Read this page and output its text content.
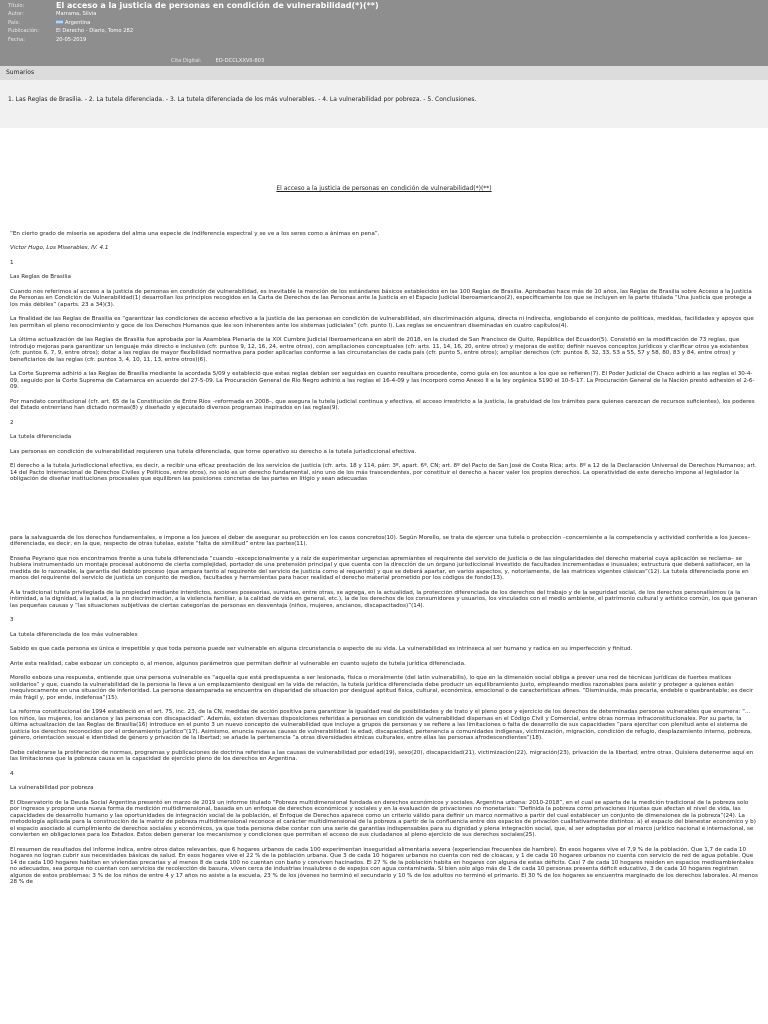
Título:	El acceso a la justicia de personas en condición de vulnerabilidad(*)(**)
Autor:	Marrama, Silvia
País:	Argentina
Publicación:	El Derecho - Diario, Tomo 282
Fecha:	20-05-2019
Cita Digital:	ED-DCCLXXVII-803
Sumarios
1. Las Reglas de Brasilia. - 2. La tutela diferenciada. - 3. La tutela diferenciada de los más vulnerables. - 4. La vulnerabilidad por pobreza. - 5. Conclusiones.
El acceso a la justicia de personas en condición de vulnerabilidad(*)(**)

“En cierto grado de miseria se apodera del alma una especie de indiferencia espectral y se ve a los seres como a ánimas en pena”.

Victor Hugo, Los Miserables, IV. 4.1

1

Las Reglas de Brasilia

Cuando nos referimos al acceso a la justicia de personas en condición de vulnerabilidad, es inevitable la mención de los estándares básicos establecidos en las 100 Reglas de Brasilia. Aprobadas hace más de 10 años, las Reglas de Brasilia sobre Acceso a la Justicia de Personas en Condición de Vulnerabilidad(1) desarrollan los principios recogidos en la Carta de Derechos de las Personas ante la Justicia en el Espacio Judicial Iberoamericano(2), específicamente los que se incluyen en la parte titulada “Una justicia que protege a los más débiles” (aparts. 23 a 34)(3).

La finalidad de las Reglas de Brasilia es “garantizar las condiciones de acceso efectivo a la justicia de las personas en condición de vulnerabilidad, sin discriminación alguna, directa ni indirecta, englobando el conjunto de políticas, medidas, facilidades y apoyos que les permitan el pleno reconocimiento y goce de los Derechos Humanos que les son inherentes ante los sistemas judiciales” (cfr. punto I). Las reglas se encuentran diseminadas en cuatro capítulos(4).

La última actualización de las Reglas de Brasilia fue aprobada por la Asamblea Plenaria de la XIX Cumbre Judicial Iberoamericana en abril de 2018, en la ciudad de San Francisco de Quito, República del Ecuador(5). Consistió en la modificación de 73 reglas, que introdujo mejoras para garantizar un lenguaje más directo e inclusivo (cfr. puntos 9, 12, 16, 24, entre otros), con ampliaciones conceptuales (cfr. arts. 11, 14, 16, 20, entre otros) y mejoras de estilo; definir nuevos conceptos jurídicos y clarificar otros ya existentes (cfr. puntos 6, 7, 9, entre otros); dotar a las reglas de mayor flexibilidad normativa para poder aplicarlas conforme a las circunstancias de cada país (cfr. punto 5, entre otros); ampliar derechos (cfr. puntos 8, 32, 33, 53 a 55, 57 y 58, 80, 83 y 84, entre otros) y beneficiarios de las reglas (cfr. puntos 3, 4, 10, 11, 13, entre otros)(6).

La Corte Suprema adhirió a las Reglas de Brasilia mediante la acordada 5/09 y estableció que estas reglas debían ser seguidas en cuanto resultara procedente, como guía en los asuntos a los que se refieren(7). El Poder Judicial de Chaco adhirió a las reglas el 30-4-09, seguido por la Corte Suprema de Catamarca en acuerdo del 27-5-09. La Procuración General de Río Negro adhirió a las reglas el 16-4-09 y las incorporó como Anexo II a la ley orgánica 5190 el 10-5-17. La Procuración General de la Nación prestó adhesión el 2-6-09.

Por mandato constitucional (cfr. art. 65 de la Constitución de Entre Ríos –reformada en 2008–, que asegura la tutela judicial continua y efectiva, el acceso irrestricto a la justicia, la gratuidad de los trámites para quienes carezcan de recursos suficientes), los poderes del Estado entrerriano han dictado normas(8) y diseñado y ejecutado diversos programas inspirados en las reglas(9).

2

La tutela diferenciada

Las personas en condición de vulnerabilidad requieren una tutela diferenciada, que torne operativo su derecho a la tutela jurisdiccional efectiva.

El derecho a la tutela jurisdiccional efectiva, es decir, a recibir una eficaz prestación de los servicios de justicia (cfr. arts. 18 y 114, párr. 3º, apart. 6º, CN; art. 8º del Pacto de San José de Costa Rica; arts. 8º a 12 de la Declaración Universal de Derechos Humanos; art. 14 del Pacto Internacional de Derechos Civiles y Políticos, entre otros), no solo es un derecho fundamental, sino uno de los más trascendentes, por constituir el derecho a hacer valer los propios derechos. La operatividad de este derecho impone al legislador la obligación de diseñar instituciones procesales que equilibren las posiciones concretas de las partes en litigio y sean adecuadas

para la salvaguarda de los derechos fundamentales, e impone a los jueces el deber de asegurar su protección en los casos concretos(10). Según Morello, se trata de ejercer una tutela o protección –concerniente a la competencia y actividad conferida a los jueces– diferenciada, es decir, en la que, respecto de otras tutelas, existe “falta de similitud” entre las partes(11).

Enseña Peyrano que nos encontramos frente a una tutela diferenciada “cuando –excepcionalmente y a raíz de experimentar urgencias apremiantes el requirente del servicio de justicia o de las singularidades del derecho material cuya aplicación se reclama– se hubiera instrumentado un montaje procesal autónomo de cierta complejidad, portador de una pretensión principal y que cuenta con la dirección de un órgano jurisdiccional investido de facultades incrementadas e inusuales; estructura que deberá satisfacer, en la medida de lo razonable, la garantía del debido proceso (que ampara tanto al requirente del servicio de justicia como al requerido) y que se deberá apartar, en varios aspectos, y, notoriamente, de las matrices vigentes clásicas”(12). La tutela diferenciada pone en manos del requirente del servicio de justicia un conjunto de medios, facultades y herramientas para hacer realidad el derecho material prometido por los códigos de fondo(13).

A la tradicional tutela privilegiada de la propiedad mediante interdictos, acciones posesorias, sumarias, entre otras, se agrega, en la actualidad, la protección diferenciada de los derechos del trabajo y de la seguridad social, de los derechos personalísimos (a la intimidad, a la dignidad, a la salud, a la no discriminación, a la violencia familiar, a la calidad de vida en general, etc.), la de los derechos de los consumidores y usuarios, los vinculados con el medio ambiente, el patrimonio cultural y artístico común, los que generan las pequeñas causas y “las situaciones subjetivas de ciertas categorías de personas en desventaja (niños, mujeres, ancianos, discapacitados)”(14).

3

La tutela diferenciada de los más vulnerables

Sabido es que cada persona es única e irrepetible y que toda persona puede ser vulnerable en alguna circunstancia o aspecto de su vida. La vulnerabilidad es intrínseca al ser humano y radica en su imperfección y finitud.

Ante esta realidad, cabe esbozar un concepto o, al menos, algunos parámetros que permitan definir al vulnerable en cuanto sujeto de tutela jurídica diferenciada.

Morello esboza una respuesta, entiende que una persona vulnerable es “aquella que está predispuesta a ser lesionada, física o moralmente (del latín vulnerabilis), lo que en la dimensión social obliga a prever una red de técnicas jurídicas de fuertes matices solidarios” y que, cuando la vulnerabilidad de la persona la lleva a un emplazamiento desigual en la vida de relación, la tutela jurídica diferenciada debe producir un equilibramiento justo, empleando medios razonables para asistir y proteger a quienes están inequívocamente en una situación de inferioridad. La persona desamparada se encuentra en disparidad de situación por desigual aptitud física, cultural, económica, emocional o de características afines. “Disminuida, más precaria, endeble o quebrantable; es decir más frágil y, por ende, indefensa”(15).

La reforma constitucional de 1994 estableció en el art. 75, inc. 23, de la CN, medidas de acción positiva para garantizar la igualdad real de posibilidades y de trato y el pleno goce y ejercicio de los derechos de determinadas personas vulnerables que enumera: “... los niños, las mujeres, los ancianos y las personas con discapacidad”. Además, existen diversas disposiciones referidas a personas en condición de vulnerabilidad dispersas en el Código Civil y Comercial, entre otras normas infraconstitucionales. Por su parte, la última actualización de las Reglas de Brasilia(16) introduce en el punto 3 un nuevo concepto de vulnerabilidad que incluye a grupos de personas y se refiere a las limitaciones o falta de desarrollo de sus capacidades “para ejercitar con plenitud ante el sistema de justicia los derechos reconocidos por el ordenamiento jurídico”(17). Asimismo, enuncia nuevas causas de vulnerabilidad: la edad, discapacidad, pertenencia a comunidades indígenas, victimización, migración, condición de refugio, desplazamiento interno, pobreza, género, orientación sexual e identidad de género y privación de la libertad; se añade la pertenencia “a otras diversidades étnicas culturales, entre ellas las personas afrodescendientes”(18).

Debe celebrarse la proliferación de normas, programas y publicaciones de doctrina referidas a las causas de vulnerabilidad por edad(19), sexo(20), discapacidad(21), victimización(22), migración(23), privación de la libertad, entre otras. Quisiera detenerme aquí en las limitaciones que la pobreza causa en la capacidad de ejercicio pleno de los derechos en Argentina.

4

La vulnerabilidad por pobreza

El Observatorio de la Deuda Social Argentina presentó en marzo de 2019 un informe titulado “Pobreza multidimensional fundada en derechos económicos y sociales. Argentina urbana: 2010-2018”, en el cual se aparta de la medición tradicional de la pobreza solo por ingresos y propone una nueva forma de medición multidimensional, basada en un enfoque de derechos económicos y sociales y en la evaluación de privaciones no monetarias: “Definida la pobreza como privaciones injustas que afectan el nivel de vida, las capacidades de desarrollo humano y las oportunidades de integración social de la población, el Enfoque de Derechos aparece como un criterio válido para definir un marco normativo a partir del cual establecer un conjunto de dimensiones de la pobreza”(24). La metodología aplicada para la construcción de la matriz de pobreza multidimensional reconoce el carácter multidimensional de la pobreza a partir de la confluencia entre dos espacios de privación cualitativamente distintos: a) el espacio del bienestar económico y b) el espacio asociado al cumplimiento de derechos sociales y económicos, ya que toda persona debe contar con una serie de garantías indispensables para su dignidad y plena integración social, que, al ser adoptadas por el marco jurídico nacional e internacional, se convierten en obligaciones para los Estados. Estos deben generar los mecanismos y condiciones que permitan el acceso de sus ciudadanos al pleno ejercicio de sus derechos sociales(25).

El resumen de resultados del informe indica, entre otros datos relevantes, que 6 hogares urbanos de cada 100 experimentan inseguridad alimentaria severa (experiencias frecuentes de hambre). En esos hogares vive el 7,9 % de la población. Que 1,7 de cada 10 hogares no logran cubrir sus necesidades básicas de salud. En esos hogares vive el 22 % de la población urbana. Que 3 de cada 10 hogares urbanos no cuenta con red de cloacas, y 1 de cada 10 hogares urbanos no cuenta con servicio de red de agua potable. Que 14 de cada 100 hogares habitan en viviendas precarias y al menos 8 de cada 100 no cuentan con baño y conviven hacinados. El 27 % de la población habita en hogares con alguna de estas déficits. Casi 7 de cada 10 hogares residen en espacios medioambientales no adecuados, sea porque no cuentan con servicios de recolección de basura, viven cerca de industrias insalubres o de espejos con agua contaminada. Si bien solo algo más de 1 de cada 10 personas presenta déficit educativo, 3 de cada 10 hogares registran algunos de estos problemas: 3 % de los niños de entre 4 y 17 años no asiste a la escuela, 23 % de los jóvenes no terminó el secundario y 10 % de los adultos no terminó el primario. El 30 % de los hogares se encuentra marginado de los derechos laborales. Al menos 28 % de
